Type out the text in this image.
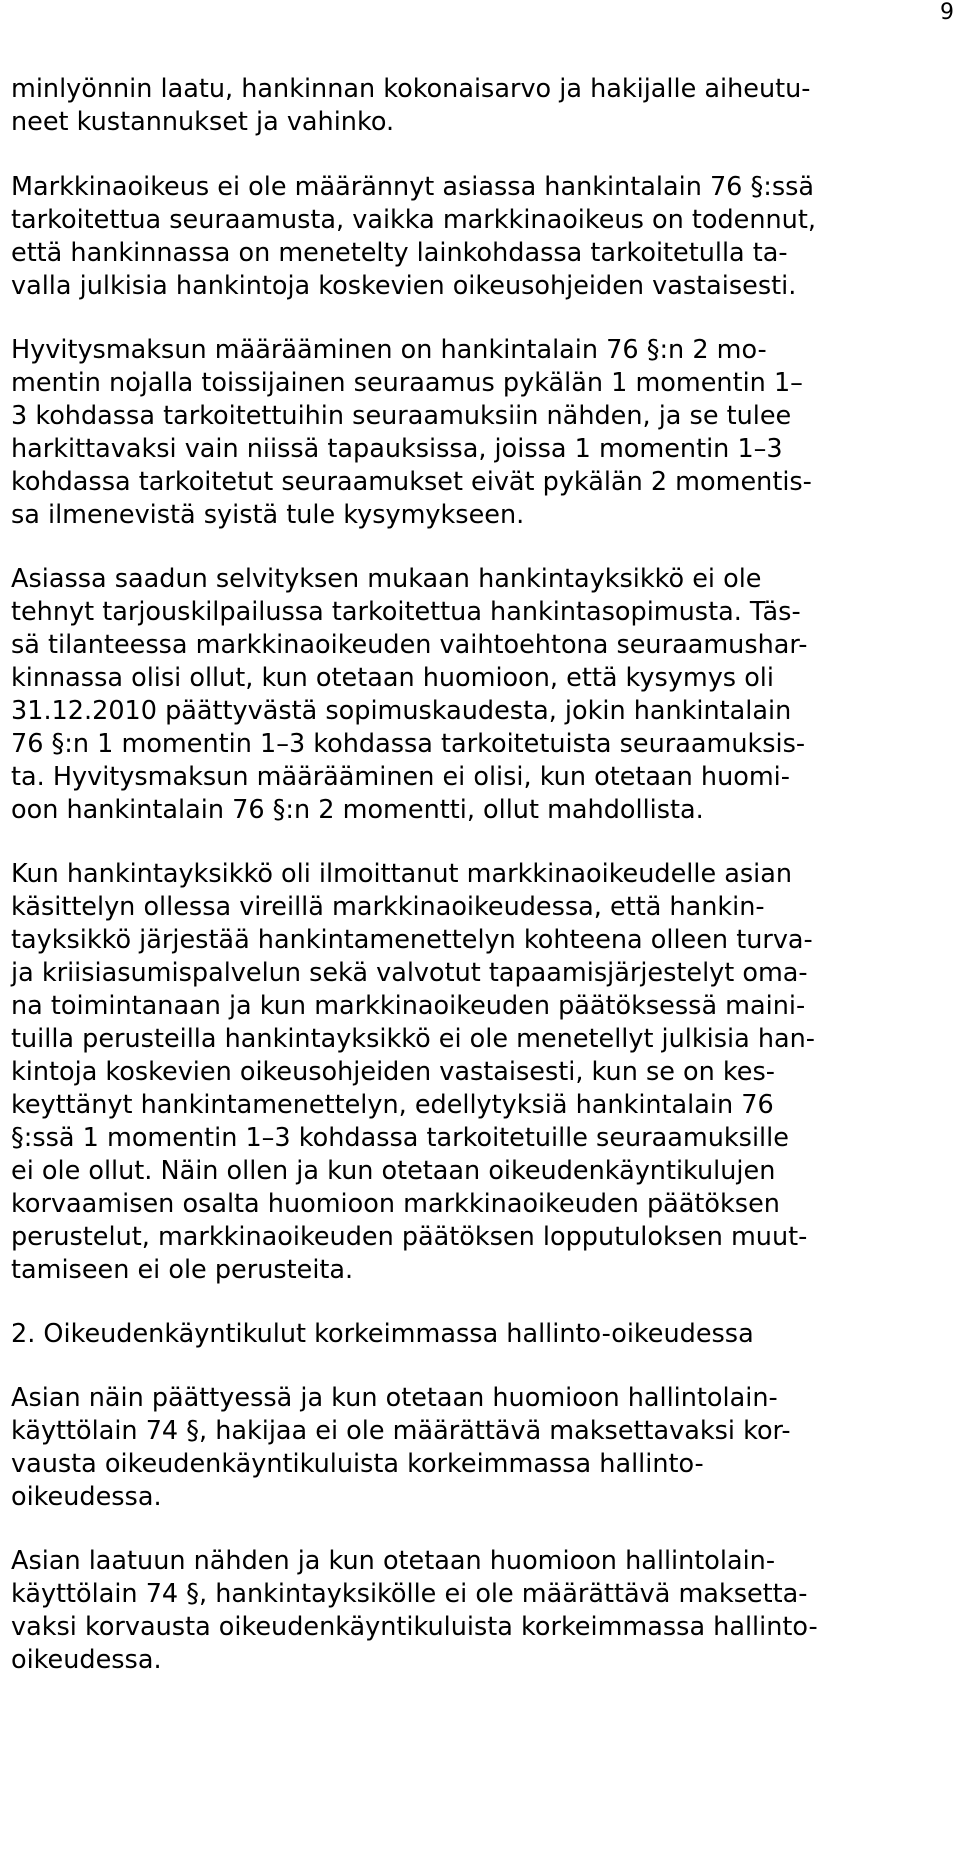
9

minlyönnin laatu, hankinnan kokonaisarvo ja hakijalle aiheutu-
neet kustannukset ja vahinko.

Markkinaoikeus ei ole määrännyt asiassa hankintalain 76 §:ssä
tarkoitettua seuraamusta, vaikka markkinaoikeus on todennut,
että hankinnassa on menetelty lainkohdassa tarkoitetulla ta-
valla julkisia hankintoja koskevien oikeusohjeiden vastaisesti.

Hyvitysmaksun määrääminen on hankintalain 76 §:n 2 mo-
mentin nojalla toissijainen seuraamus pykälän 1 momentin 1–
3 kohdassa tarkoitettuihin seuraamuksiin nähden, ja se tulee
harkittavaksi vain niissä tapauksissa, joissa 1 momentin 1–3
kohdassa tarkoitetut seuraamukset eivät pykälän 2 momentis-
sa ilmenevistä syistä tule kysymykseen.

Asiassa saadun selvityksen mukaan hankintayksikkö ei ole
tehnyt tarjouskilpailussa tarkoitettua hankintasopimusta. Täs-
sä tilanteessa markkinaoikeuden vaihtoehtona seuraamushar-
kinnassa olisi ollut, kun otetaan huomioon, että kysymys oli
31.12.2010 päättyvästä sopimuskaudesta, jokin hankintalain
76 §:n 1 momentin 1–3 kohdassa tarkoitetuista seuraamuksis-
ta. Hyvitysmaksun määrääminen ei olisi, kun otetaan huomi-
oon hankintalain 76 §:n 2 momentti, ollut mahdollista.

Kun hankintayksikkö oli ilmoittanut markkinaoikeudelle asian
käsittelyn ollessa vireillä markkinaoikeudessa, että hankin-
tayksikkö järjestää hankintamenettelyn kohteena olleen turva-
ja kriisiasumispalvelun sekä valvotut tapaamisjärjestelyt oma-
na toimintanaan ja kun markkinaoikeuden päätöksessä maini-
tuilla perusteilla hankintayksikkö ei ole menetellyt julkisia han-
kintoja koskevien oikeusohjeiden vastaisesti, kun se on kes-
keyttänyt hankintamenettelyn, edellytyksiä hankintalain 76
§:ssä 1 momentin 1–3 kohdassa tarkoitetuille seuraamuksille
ei ole ollut. Näin ollen ja kun otetaan oikeudenkäyntikulujen
korvaamisen osalta huomioon markkinaoikeuden päätöksen
perustelut, markkinaoikeuden päätöksen lopputuloksen muut-
tamiseen ei ole perusteita.

2. Oikeudenkäyntikulut korkeimmassa hallinto-oikeudessa

Asian näin päättyessä ja kun otetaan huomioon hallintolain-
käyttölain 74 §, hakijaa ei ole määrättävä maksettavaksi kor-
vausta oikeudenkäyntikuluista korkeimmassa hallinto-
oikeudessa.

Asian laatuun nähden ja kun otetaan huomioon hallintolain-
käyttölain 74 §, hankintayksikölle ei ole määrättävä maksetta-
vaksi korvausta oikeudenkäyntikuluista korkeimmassa hallinto-
oikeudessa.
